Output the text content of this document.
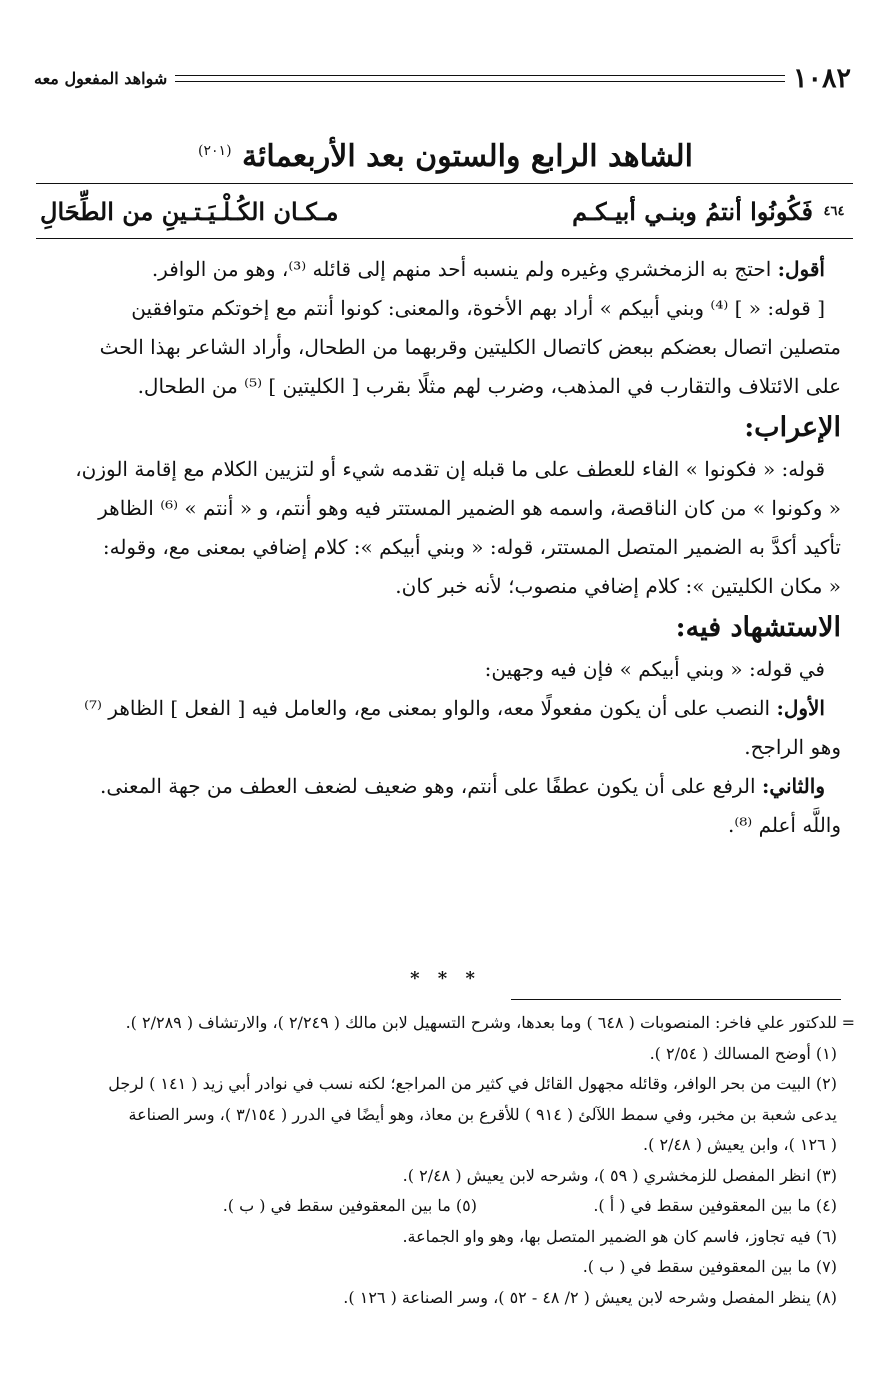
١٠٨٢
شواهد المفعول معه
الشاهد الرابع والستون بعد الأربعمائة $^{(٢٠١)}$
٤٦٤
فَكُونُوا أنتمُ وبنـي أبيـكـم
مـكـان الكُـلْـيَـتـينِ من الطِّحَالِ

أقول: احتج به الزمخشري وغيره ولم ينسبه أحد منهم إلى قائله ⁽³⁾، وهو من الوافر.

[ قوله: « ] ⁽⁴⁾ وبني أبيكم » أراد بهم الأخوة، والمعنى: كونوا أنتم مع إخوتكم متوافقين

متصلين اتصال بعضكم ببعض كاتصال الكليتين وقربهما من الطحال، وأراد الشاعر بهذا الحث

على الائتلاف والتقارب في المذهب، وضرب لهم مثلًا بقرب [ الكليتين ] ⁽⁵⁾ من الطحال.

الإعراب:

قوله: « فكونوا » الفاء للعطف على ما قبله إن تقدمه شيء أو لتزيين الكلام مع إقامة الوزن،

« وكونوا » من كان الناقصة، واسمه هو الضمير المستتر فيه وهو أنتم، و « أنتم » ⁽⁶⁾ الظاهر

تأكيد أكدَّ به الضمير المتصل المستتر، قوله: « وبني أبيكم »: كلام إضافي بمعنى مع، وقوله:

« مكان الكليتين »: كلام إضافي منصوب؛ لأنه خبر كان.

الاستشهاد فيه:

في قوله: « وبني أبيكم » فإن فيه وجهين:

الأول: النصب على أن يكون مفعولًا معه، والواو بمعنى مع، والعامل فيه [ الفعل ] الظاهر ⁽⁷⁾

وهو الراجح.

والثاني: الرفع على أن يكون عطفًا على أنتم، وهو ضعيف لضعف العطف من جهة المعنى.

واللَّه أعلم ⁽⁸⁾.

* * *

=
للدكتور علي فاخر: المنصوبات ( ٦٤٨ ) وما بعدها، وشرح التسهيل لابن مالك ( ٢/٢٤٩ )، والارتشاف ( ٢/٢٨٩ ).

(١) أوضح المسالك ( ٢/٥٤ ).

(٢) البيت من بحر الوافر، وقائله مجهول القائل في كثير من المراجع؛ لكنه نسب في نوادر أبي زيد ( ١٤١ ) لرجل

يدعى شعبة بن مخبر، وفي سمط اللآلئ ( ٩١٤ ) للأقرع بن معاذ، وهو أيضًا في الدرر ( ٣/١٥٤ )، وسر الصناعة

( ١٢٦ )، وابن يعيش ( ٢/٤٨ ).

(٣) انظر المفصل للزمخشري ( ٥٩ )، وشرحه لابن يعيش ( ٢/٤٨ ).

(٤) ما بين المعقوفين سقط في ( أ ).
(٥) ما بين المعقوفين سقط في ( ب ).

(٦) فيه تجاوز، فاسم كان هو الضمير المتصل بها، وهو واو الجماعة.

(٧) ما بين المعقوفين سقط في ( ب ).

(٨) ينظر المفصل وشرحه لابن يعيش ( ٢/ ٤٨ - ٥٢ )، وسر الصناعة ( ١٢٦ ).
